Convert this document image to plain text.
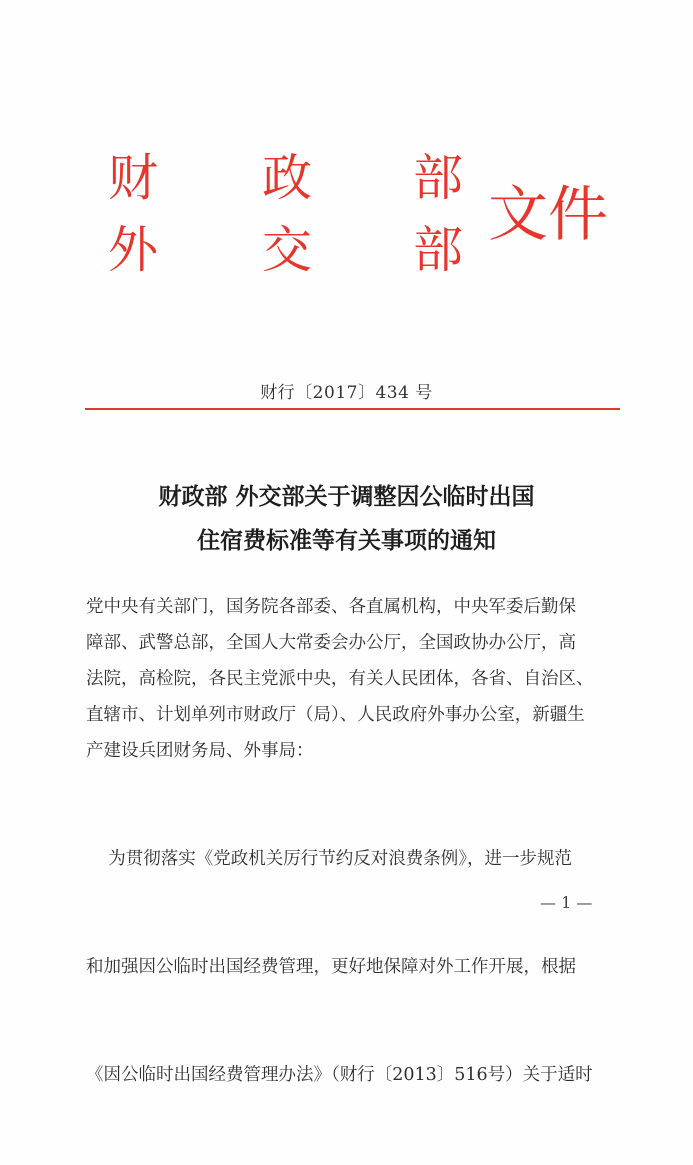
财 政 部
外 交 部 文件
财行〔2017〕434 号
财政部 外交部关于调整因公临时出国
住宿费标准等有关事项的通知
党中央有关部门，国务院各部委、各直属机构，中央军委后勤保
障部、武警总部，全国人大常委会办公厅，全国政协办公厅，高
法院，高检院，各民主党派中央，有关人民团体，各省、自治区、
直辖市、计划单列市财政厅（局）、人民政府外事办公室，新疆生
产建设兵团财务局、外事局：

为贯彻落实《党政机关厉行节约反对浪费条例》，进一步规范

和加强因公临时出国经费管理，更好地保障对外工作开展，根据

《因公临时出国经费管理办法》（财行〔2013〕516号）关于适时

— 1 —
